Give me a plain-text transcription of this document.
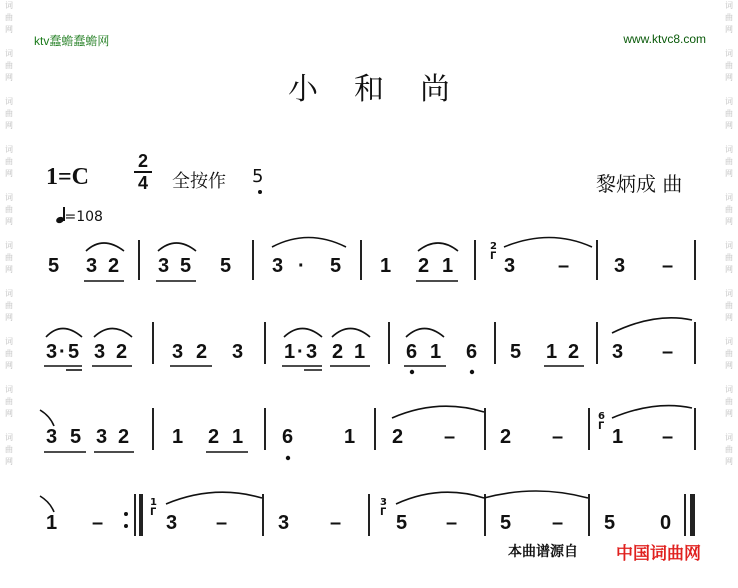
词
曲
网

词
曲
网

词
曲
网

词
曲
网

词
曲
网

词
曲
网

词
曲
网

词
曲
网

词
曲
网

词
曲
网
词
曲
网

词
曲
网

词
曲
网

词
曲
网

词
曲
网

词
曲
网

词
曲
网

词
曲
网

词
曲
网

词
曲
网
ktv蠢蟾蠢蟾网	www.ktvc8.com
小和尚
1=C
2
4 全按作 5	黎炳成 曲
=108
5 3 2 3 5 5 3 · 5 1 2 1
2
ᒥ 3 – 3 –
3 · 5 3 2 3 2 3 1 · 3 2 1 6 1 6 5 1 2 3 –
3 5 3 2 1 2 1 6	1 2 – 2 –
6
ᒥ 1 –
1 –
1
ᒥ 3 –	3 –
3
ᒥ 5 – 5 – 5 0
本曲谱源自 中国词曲网
